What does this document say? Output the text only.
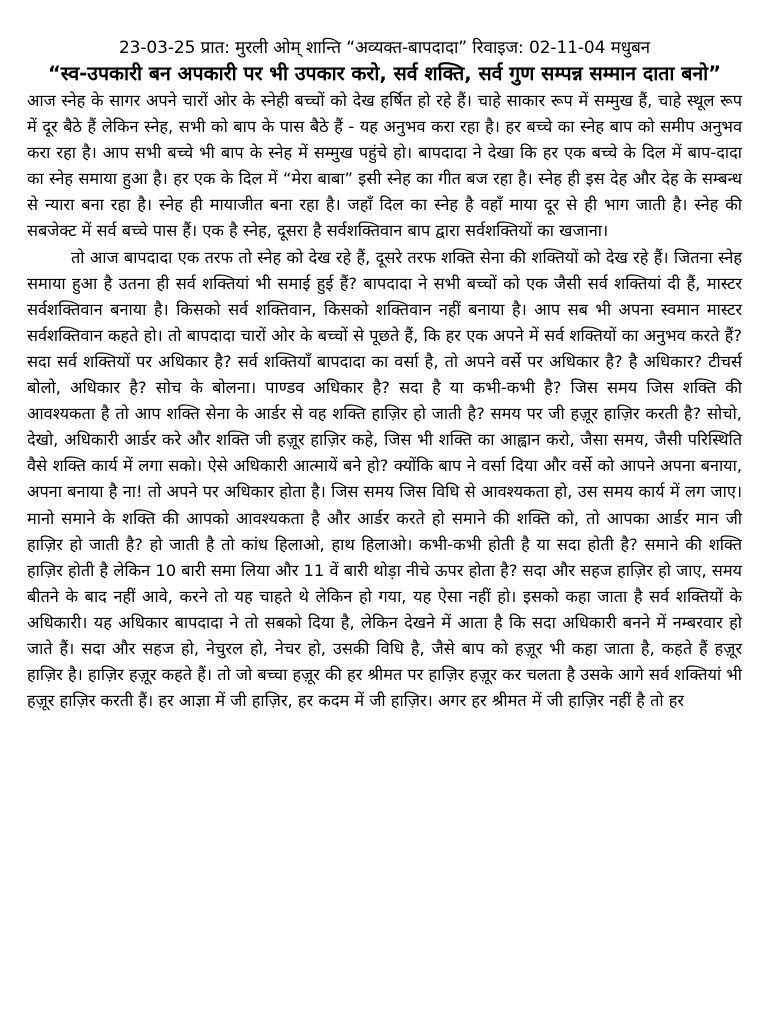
23-03-25 प्रात: मुरली ओम् शान्ति “अव्यक्त-बापदादा” रिवाइज: 02-11-04 मधुबन
“स्व-उपकारी बन अपकारी पर भी उपकार करो, सर्व शक्ति, सर्व गुण सम्पन्न सम्मान दाता बनो”

आज स्नेह के सागर अपने चारों ओर के स्नेही बच्चों को देख हर्षित हो रहे हैं। चाहे साकार रूप में सम्मुख हैं, चाहे स्थूल रूप में दूर बैठे हैं लेकिन स्नेह, सभी को बाप के पास बैठे हैं - यह अनुभव करा रहा है। हर बच्चे का स्नेह बाप को समीप अनुभव करा रहा है। आप सभी बच्चे भी बाप के स्नेह में सम्मुख पहुंचे हो। बापदादा ने देखा कि हर एक बच्चे के दिल में बाप-दादा का स्नेह समाया हुआ है। हर एक के दिल में “मेरा बाबा” इसी स्नेह का गीत बज रहा है। स्नेह ही इस देह और देह के सम्बन्ध से न्यारा बना रहा है। स्नेह ही मायाजीत बना रहा है। जहाँ दिल का स्नेह है वहाँ माया दूर से ही भाग जाती है। स्नेह की सबजेक्ट में सर्व बच्चे पास हैं। एक है स्नेह, दूसरा है सर्वशक्तिवान बाप द्वारा सर्वशक्तियों का खजाना।

तो आज बापदादा एक तरफ तो स्नेह को देख रहे हैं, दूसरे तरफ शक्ति सेना की शक्तियों को देख रहे हैं। जितना स्नेह समाया हुआ है उतना ही सर्व शक्तियां भी समाई हुई हैं? बापदादा ने सभी बच्चों को एक जैसी सर्व शक्तियां दी हैं, मास्टर सर्वशक्तिवान बनाया है। किसको सर्व शक्तिवान, किसको शक्तिवान नहीं बनाया है। आप सब भी अपना स्वमान मास्टर सर्वशक्तिवान कहते हो। तो बापदादा चारों ओर के बच्चों से पूछते हैं, कि हर एक अपने में सर्व शक्तियों का अनुभव करते हैं? सदा सर्व शक्तियों पर अधिकार है? सर्व शक्तियाँ बापदादा का वर्सा है, तो अपने वर्से पर अधिकार है? है अधिकार? टीचर्स बोलो, अधिकार है? सोच के बोलना। पाण्डव अधिकार है? सदा है या कभी-कभी है? जिस समय जिस शक्ति की आवश्यकता है तो आप शक्ति सेना के आर्डर से वह शक्ति हाज़िर हो जाती है? समय पर जी हज़ूर हाज़िर करती है? सोचो, देखो, अधिकारी आर्डर करे और शक्ति जी हज़ूर हाज़िर कहे, जिस भी शक्ति का आह्वान करो, जैसा समय, जैसी परिस्थिति वैसे शक्ति कार्य में लगा सको। ऐसे अधिकारी आत्मायें बने हो? क्योंकि बाप ने वर्सा दिया और वर्से को आपने अपना बनाया, अपना बनाया है ना! तो अपने पर अधिकार होता है। जिस समय जिस विधि से आवश्यकता हो, उस समय कार्य में लग जाए। मानो समाने के शक्ति की आपको आवश्यकता है और आर्डर करते हो समाने की शक्ति को, तो आपका आर्डर मान जी हाज़िर हो जाती है? हो जाती है तो कांध हिलाओ, हाथ हिलाओ। कभी-कभी होती है या सदा होती है? समाने की शक्ति हाज़िर होती है लेकिन 10 बारी समा लिया और 11 वें बारी थोड़ा नीचे ऊपर होता है? सदा और सहज हाज़िर हो जाए, समय बीतने के बाद नहीं आवे, करने तो यह चाहते थे लेकिन हो गया, यह ऐसा नहीं हो। इसको कहा जाता है सर्व शक्तियों के अधिकारी। यह अधिकार बापदादा ने तो सबको दिया है, लेकिन देखने में आता है कि सदा अधिकारी बनने में नम्बरवार हो जाते हैं। सदा और सहज हो, नेचुरल हो, नेचर हो, उसकी विधि है, जैसे बाप को हज़ूर भी कहा जाता है, कहते हैं हज़ूर हाज़िर है। हाज़िर हज़ूर कहते हैं। तो जो बच्चा हज़ूर की हर श्रीमत पर हाज़िर हज़ूर कर चलता है उसके आगे सर्व शक्तियां भी हज़ूर हाज़िर करती हैं। हर आज्ञा में जी हाज़िर, हर कदम में जी हाज़िर। अगर हर श्रीमत में जी हाज़िर नहीं है तो हर
